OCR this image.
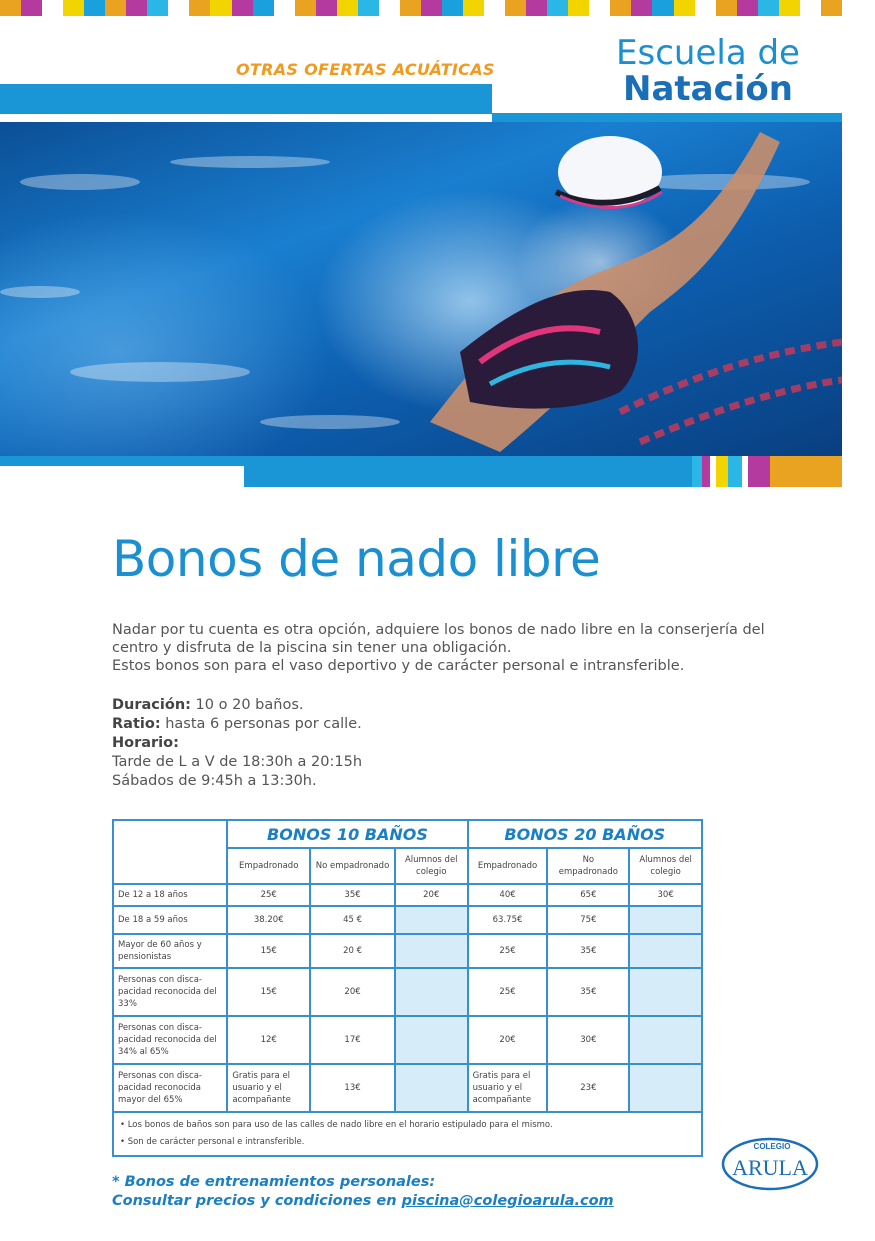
Escuela de
Natación
OTRAS OFERTAS ACUÁTICAS
Bonos de nado libre

Nadar por tu cuenta es otra opción, adquiere los bonos de nado libre en la conserjería del centro y disfruta de la piscina sin tener una obligación.

Estos bonos son para el vaso deportivo y de carácter personal e intransferible.

Duración: 10 o 20 baños.
Ratio: hasta 6 personas por calle.
Horario:
Tarde de L a V de 18:30h a 20:15h
Sábados de 9:45h a 13:30h.
	BONOS 10 BAÑOS			BONOS 20 BAÑOS		
	Empadronado	No empadronado	Alumnos del colegio	Empadronado	No empadronado	Alumnos del colegio
De 12 a 18 años	25€	35€	20€	40€	65€	30€
De 18 a 59 años	38.20€	45 €		63.75€	75€	
Mayor de 60 años y pensionistas	15€	20 €		25€	35€	
Personas con disca-pacidad reconocida del 33%	15€	20€		25€	35€	
Personas con disca-pacidad reconocida del 34% al 65%	12€	17€		20€	30€	
Personas con disca-pacidad reconocida mayor del 65%	Gratis para el usuario y el acompañante	13€		Gratis para el usuario y el acompañante	23€	

• Los bonos de baños son para uso de las calles de nado libre en el horario estipulado para el mismo.
• Son de carácter personal e intransferible.							COLEGIO
ARULA
* Bonos de entrenamientos personales:
Consultar precios y condiciones en piscina@colegioarula.com
